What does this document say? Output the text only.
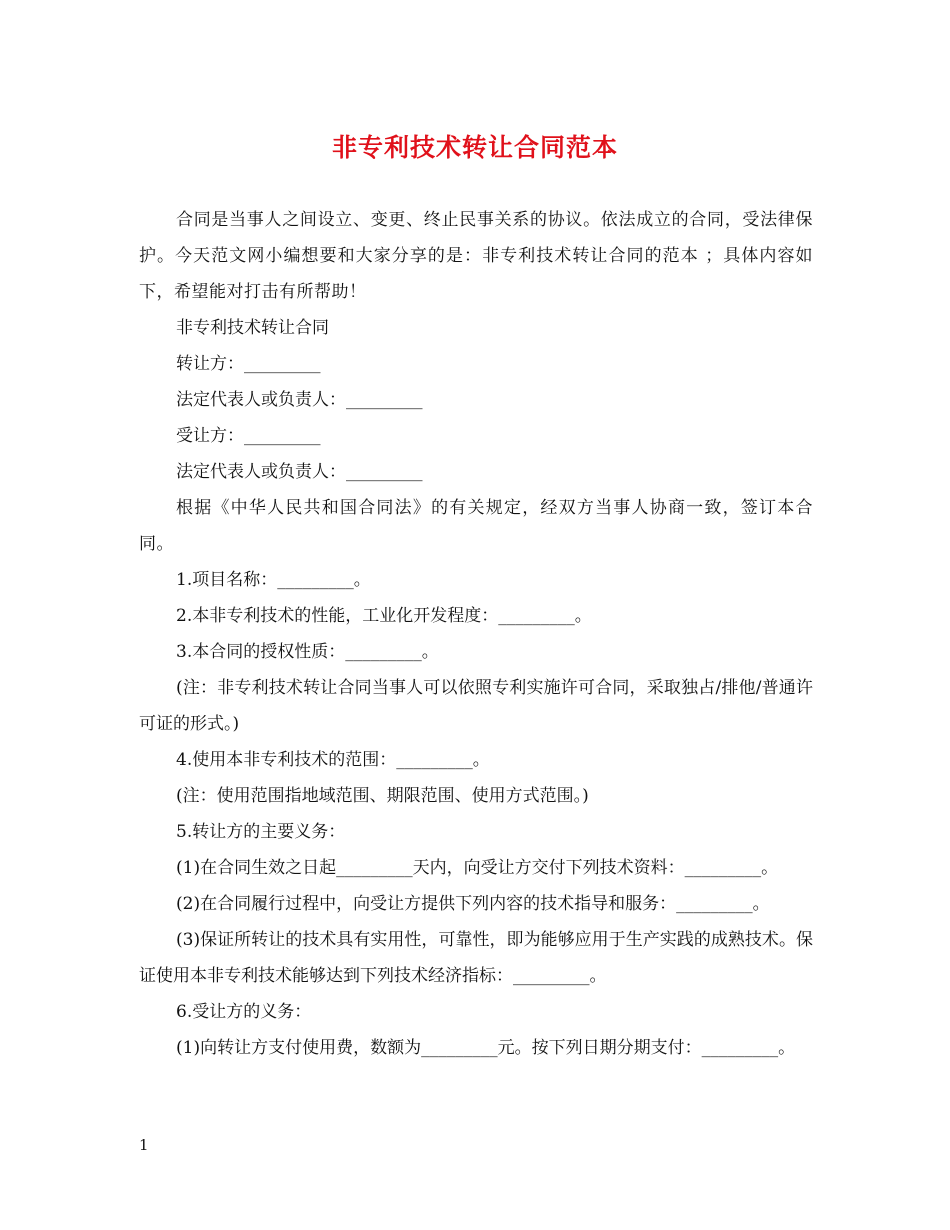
非专利技术转让合同范本

合同是当事人之间设立、变更、终止民事关系的协议。依法成立的合同，受法律保护。今天范文网小编想要和大家分享的是：非专利技术转让合同的范本 ；具体内容如下，希望能对打击有所帮助！

非专利技术转让合同

转让方：_________

法定代表人或负责人：_________

受让方：_________

法定代表人或负责人：_________

根据《中华人民共和国合同法》的有关规定，经双方当事人协商一致，签订本合同。

1.项目名称：_________。

2.本非专利技术的性能，工业化开发程度：_________。

3.本合同的授权性质：_________。

(注：非专利技术转让合同当事人可以依照专利实施许可合同，采取独占/排他/普通许可证的形式。)

4.使用本非专利技术的范围：_________。

(注：使用范围指地域范围、期限范围、使用方式范围。)

5.转让方的主要义务：

(1)在合同生效之日起_________天内，向受让方交付下列技术资料：_________。

(2)在合同履行过程中，向受让方提供下列内容的技术指导和服务：_________。

(3)保证所转让的技术具有实用性，可靠性，即为能够应用于生产实践的成熟技术。保证使用本非专利技术能够达到下列技术经济指标：_________。

6.受让方的义务：

(1)向转让方支付使用费，数额为_________元。按下列日期分期支付：_________。

1
